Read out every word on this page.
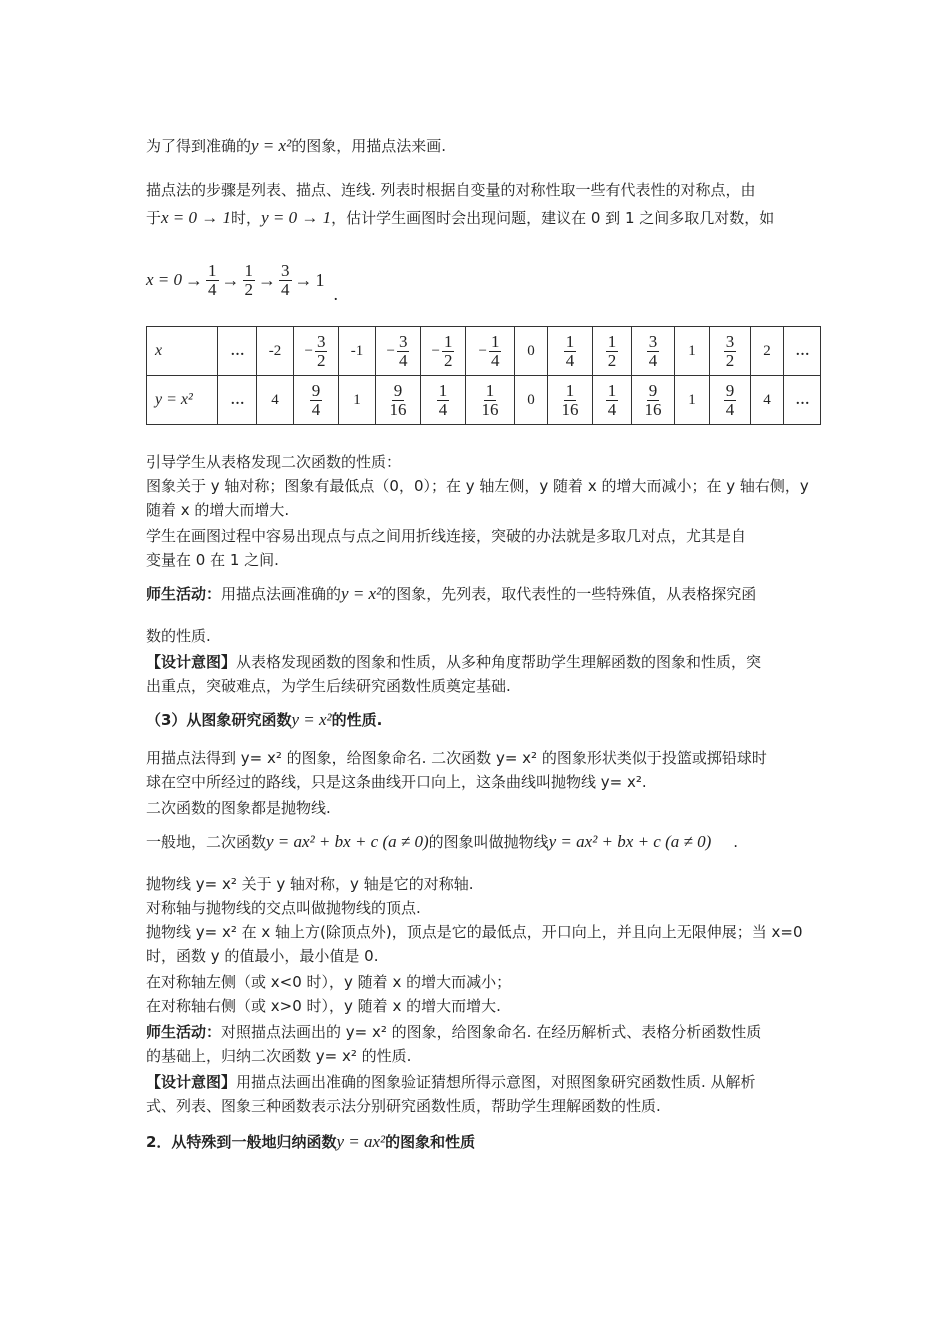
为了得到准确的y = x²的图象，用描点法来画.
描点法的步骤是列表、描点、连线. 列表时根据自变量的对称性取一些有代表性的对称点，由
于x = 0 → 1时，y = 0 → 1，估计学生画图时会出现问题，建议在 0 到 1 之间多取几对数，如
$x = 0 \to \frac{1}{4} \to \frac{1}{2} \to \frac{3}{4} \to 1$
.
x	…	-2	− $\frac{3}{2}$	-1	− $\frac{3}{4}$	− $\frac{1}{2}$	− $\frac{1}{4}$	0	$\frac{1}{4}$	$\frac{1}{2}$	$\frac{3}{4}$	1	$\frac{3}{2}$	2	…
y = x²	…	4	$\frac{9}{4}$	1	$\frac{9}{16}$	$\frac{1}{4}$	$\frac{1}{16}$	0	$\frac{1}{16}$	$\frac{1}{4}$	$\frac{9}{16}$	1	$\frac{9}{4}$	4	…
引导学生从表格发现二次函数的性质：
图象关于 y 轴对称；图象有最低点（0，0）；在 y 轴左侧，y 随着 x 的增大而减小；在 y 轴右侧，y
随着 x 的增大而增大.
学生在画图过程中容易出现点与点之间用折线连接，突破的办法就是多取几对点，尤其是自
变量在 0 在 1 之间.
师生活动：用描点法画准确的y = x²的图象，先列表，取代表性的一些特殊值，从表格探究函
数的性质.
【设计意图】从表格发现函数的图象和性质，从多种角度帮助学生理解函数的图象和性质，突
出重点，突破难点，为学生后续研究函数性质奠定基础.
（3）从图象研究函数y = x²的性质.
用描点法得到 y= x² 的图象，给图象命名. 二次函数 y= x² 的图象形状类似于投篮或掷铅球时
球在空中所经过的路线，只是这条曲线开口向上，这条曲线叫抛物线 y= x².
二次函数的图象都是抛物线.
一般地，二次函数y = ax² + bx + c (a ≠ 0)的图象叫做抛物线y = ax² + bx + c (a ≠ 0) .
抛物线 y= x² 关于 y 轴对称，y 轴是它的对称轴.
对称轴与抛物线的交点叫做抛物线的顶点.
抛物线 y= x² 在 x 轴上方(除顶点外)，顶点是它的最低点，开口向上，并且向上无限伸展；当 x=0
时，函数 y 的值最小，最小值是 0.
在对称轴左侧（或 x<0 时），y 随着 x 的增大而减小；
在对称轴右侧（或 x>0 时），y 随着 x 的增大而增大.
师生活动：对照描点法画出的 y= x² 的图象，给图象命名. 在经历解析式、表格分析函数性质
的基础上，归纳二次函数 y= x² 的性质.
【设计意图】用描点法画出准确的图象验证猜想所得示意图，对照图象研究函数性质. 从解析
式、列表、图象三种函数表示法分别研究函数性质，帮助学生理解函数的性质.
2．从特殊到一般地归纳函数y = ax²的图象和性质
